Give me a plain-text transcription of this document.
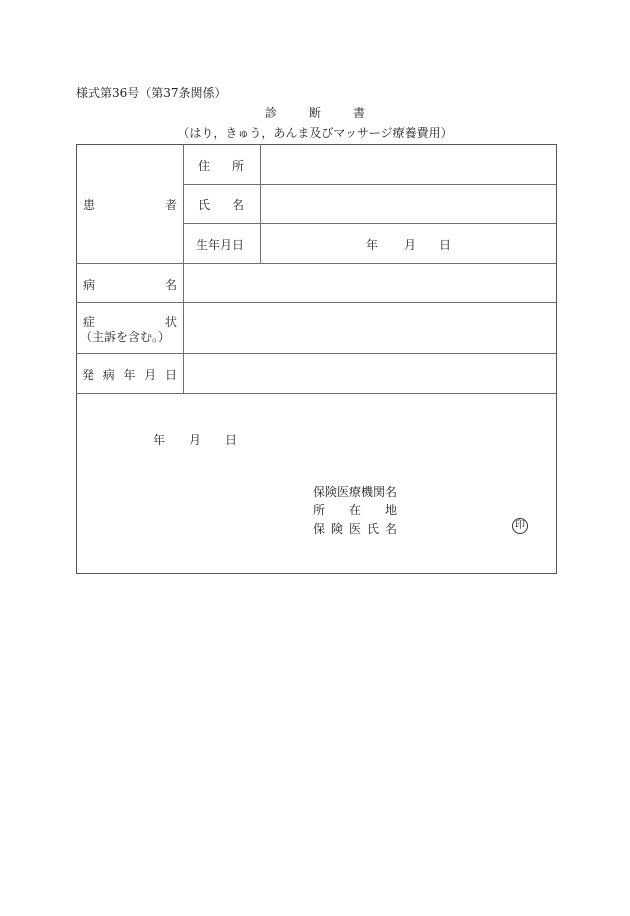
様式第36号（第37条関係）
診	断	書
（はり，きゅう，あんま及びマッサージ療養費用）
患	者
住 所
氏 名
生年月日	年 月 日
病	名
症	状
（主訴を含む。）
発 病 年 月 日
年 月 日
保険医療機関名
所 在 地
保 険 医 氏 名	印
